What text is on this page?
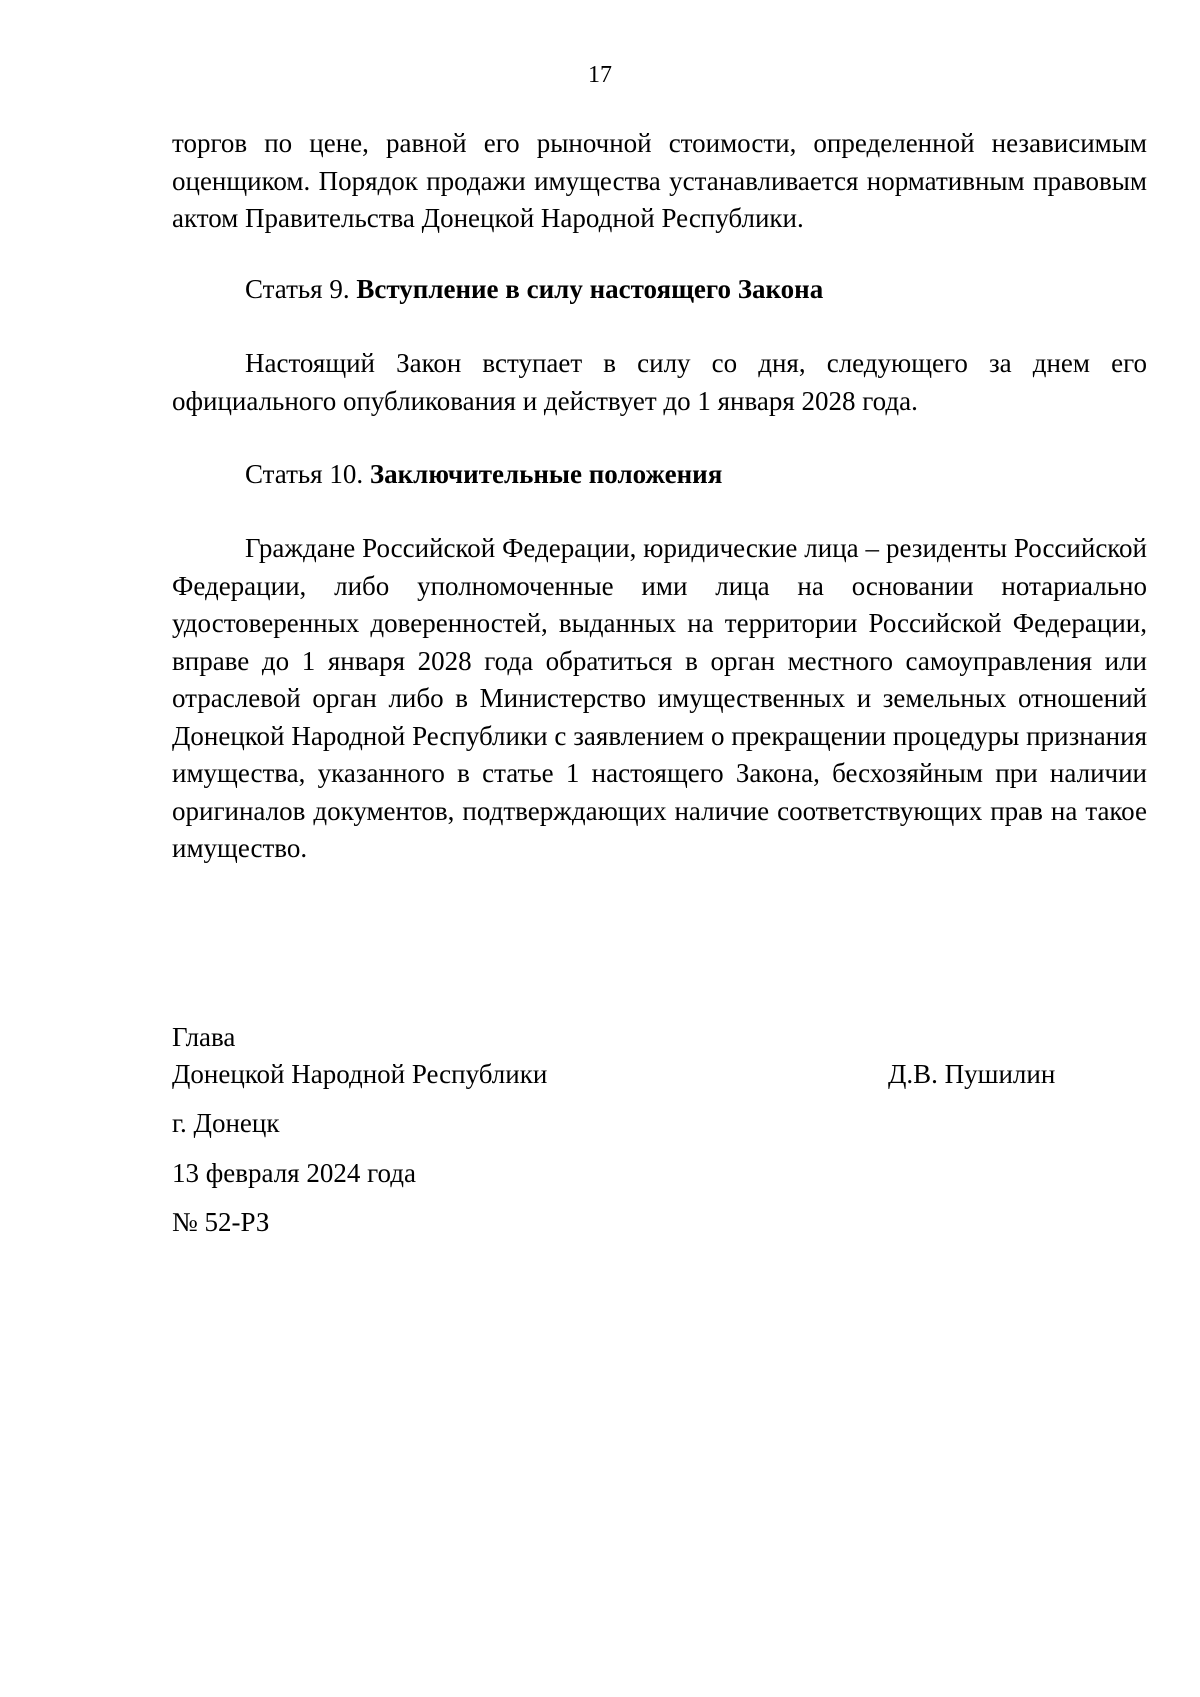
17

торгов по цене, равной его рыночной стоимости, определенной независимым оценщиком. Порядок продажи имущества устанавливается нормативным правовым актом Правительства Донецкой Народной Республики.

Статья 9. Вступление в силу настоящего Закона

Настоящий Закон вступает в силу со дня, следующего за днем его официального опубликования и действует до 1 января 2028 года.

Статья 10. Заключительные положения

Граждане Российской Федерации, юридические лица – резиденты Российской Федерации, либо уполномоченные ими лица на основании нотариально удостоверенных доверенностей, выданных на территории Российской Федерации, вправе до 1 января 2028 года обратиться в орган местного самоуправления или отраслевой орган либо в Министерство имущественных и земельных отношений Донецкой Народной Республики с заявлением о прекращении процедуры признания имущества, указанного в статье 1 настоящего Закона, бесхозяйным при наличии оригиналов документов, подтверждающих наличие соответствующих прав на такое имущество.

Глава
Донецкой Народной Республики	Д.В. Пушилин
г. Донецк
13 февраля 2024 года
№ 52-РЗ
